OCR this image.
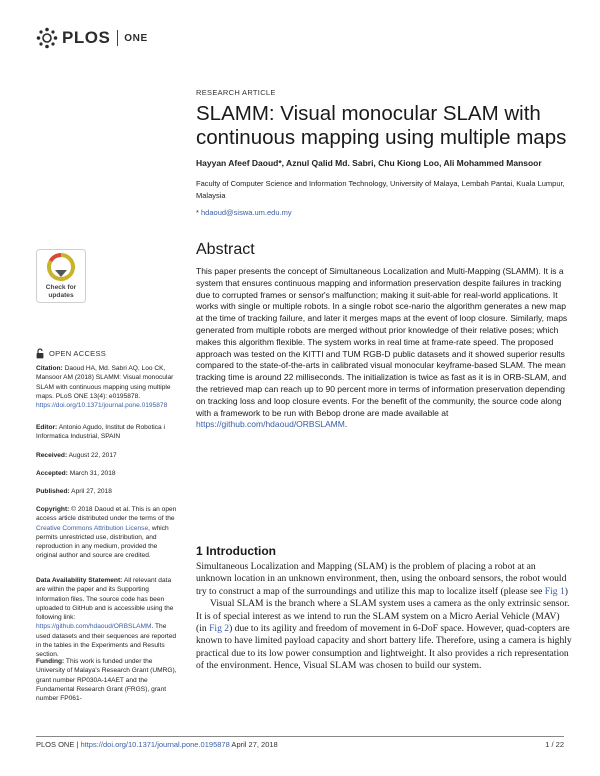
PLOS ONE
RESEARCH ARTICLE
SLAMM: Visual monocular SLAM with continuous mapping using multiple maps
Hayyan Afeef Daoud*, Aznul Qalid Md. Sabri, Chu Kiong Loo, Ali Mohammed Mansoor
Faculty of Computer Science and Information Technology, University of Malaya, Lembah Pantai, Kuala Lumpur, Malaysia
* hdaoud@siswa.um.edu.my
Abstract
This paper presents the concept of Simultaneous Localization and Multi-Mapping (SLAMM). It is a system that ensures continuous mapping and information preservation despite failures in tracking due to corrupted frames or sensor's malfunction; making it suit-able for real-world applications. It works with single or multiple robots. In a single robot sce-nario the algorithm generates a new map at the time of tracking failure, and later it merges maps at the event of loop closure. Similarly, maps generated from multiple robots are merged without prior knowledge of their relative poses; which makes this algorithm flexible. The system works in real time at frame-rate speed. The proposed approach was tested on the KITTI and TUM RGB-D public datasets and it showed superior results compared to the state-of-the-arts in calibrated visual monocular keyframe-based SLAM. The mean tracking time is around 22 milliseconds. The initialization is twice as fast as it is in ORB-SLAM, and the retrieved map can reach up to 90 percent more in terms of information preservation depending on tracking loss and loop closure events. For the benefit of the community, the source code along with a framework to be run with Bebop drone are made available at https://github.com/hdaoud/ORBSLAMM.
1 Introduction

Simultaneous Localization and Mapping (SLAM) is the problem of placing a robot at an unknown location in an unknown environment, then, using the onboard sensors, the robot would try to construct a map of the surroundings and utilize this map to localize itself (please see Fig 1)

Visual SLAM is the branch where a SLAM system uses a camera as the only extrinsic sensor. It is of special interest as we intend to run the SLAM system on a Micro Aerial Vehicle (MAV) (in Fig 2) due to its agility and freedom of movement in 6-DoF space. However, quad-copters are known to have limited payload capacity and short battery life. Therefore, using a camera is highly practical due to its low power consumption and lightweight. It also provides a rich representation of the environment. Hence, Visual SLAM was chosen to build our system.

Check for
updates
OPEN ACCESS
Citation: Daoud HA, Md. Sabri AQ, Loo CK, Mansoor AM (2018) SLAMM: Visual monocular SLAM with continuous mapping using multiple maps. PLoS ONE 13(4): e0195878. https://doi.org/10.1371/journal.pone.0195878
Editor: Antonio Agudo, Institut de Robotica i Informatica Industrial, SPAIN
Received: August 22, 2017
Accepted: March 31, 2018
Published: April 27, 2018
Copyright: © 2018 Daoud et al. This is an open access article distributed under the terms of the Creative Commons Attribution License, which permits unrestricted use, distribution, and reproduction in any medium, provided the original author and source are credited.
Data Availability Statement: All relevant data are within the paper and its Supporting Information files. The source code has been uploaded to GitHub and is accessible using the following link: https://github.com/hdaoud/ORBSLAMM. The used datasets and their sequences are reported in the tables in the Experiments and Results section.
Funding: This work is funded under the University of Malaya's Research Grant (UMRG), grant number RP030A-14AET and the Fundamental Research Grant (FRGS), grant number FP061-
PLOS ONE | https://doi.org/10.1371/journal.pone.0195878 April 27, 2018	1 / 22
